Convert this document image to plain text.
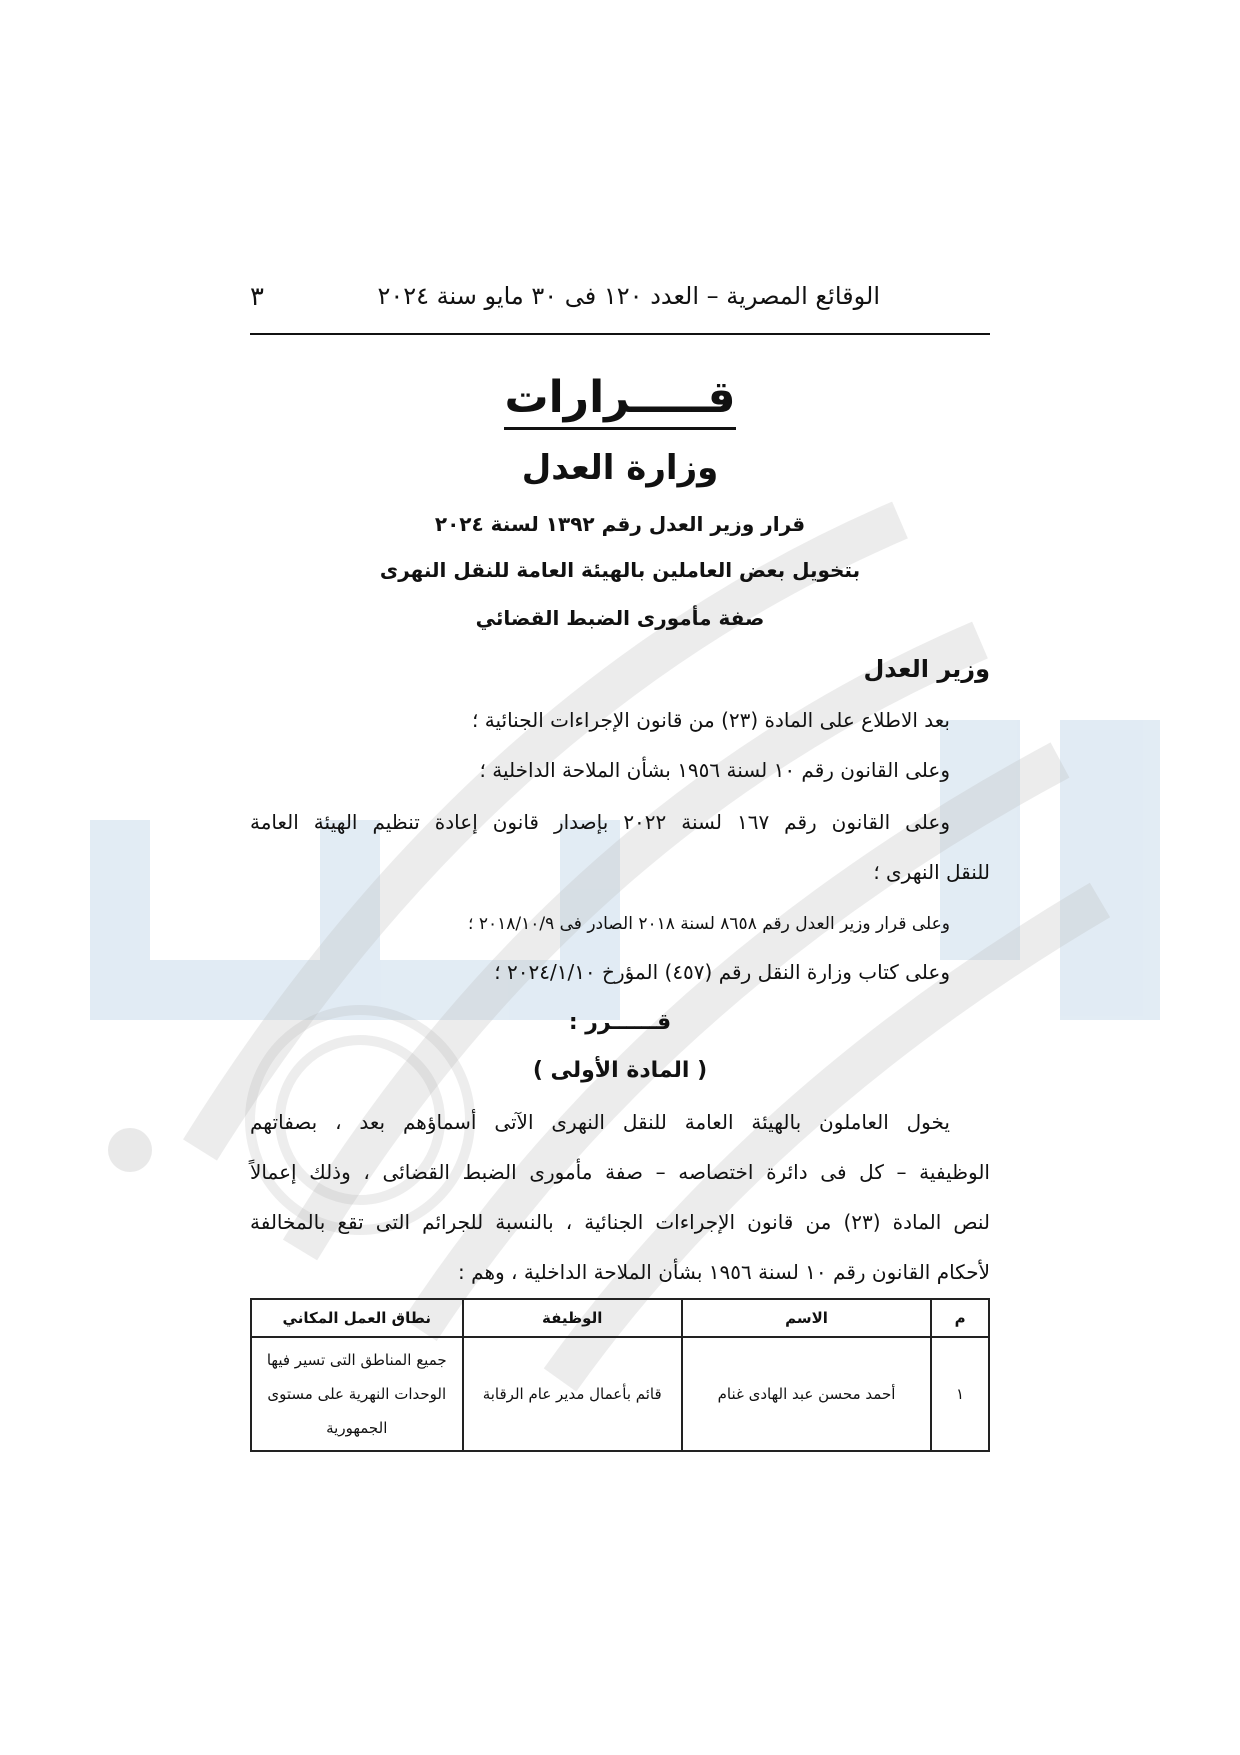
الوقائع المصرية – العدد ١٢٠ فى ٣٠ مايو سنة ٢٠٢٤
٣
قـــــرارات
وزارة العدل
قرار وزير العدل رقم ١٣٩٢ لسنة ٢٠٢٤
بتخويل بعض العاملين بالهيئة العامة للنقل النهرى
صفة مأمورى الضبط القضائي
وزير العدل
بعد الاطلاع على المادة (٢٣) من قانون الإجراءات الجنائية ؛
وعلى القانون رقم ١٠ لسنة ١٩٥٦ بشأن الملاحة الداخلية ؛
وعلى القانون رقم ١٦٧ لسنة ٢٠٢٢ بإصدار قانون إعادة تنظيم الهيئة العامة
للنقل النهرى ؛
وعلى قرار وزير العدل رقم ٨٦٥٨ لسنة ٢٠١٨ الصادر فى ٢٠١٨/١٠/٩ ؛
وعلى كتاب وزارة النقل رقم (٤٥٧) المؤرخ ٢٠٢٤/١/١٠ ؛
قــــــرر :
( المادة الأولى )
يخول العاملون بالهيئة العامة للنقل النهرى الآتى أسماؤهم بعد ، بصفاتهم
الوظيفية – كل فى دائرة اختصاصه – صفة مأمورى الضبط القضائى ، وذلك إعمالاً
لنص المادة (٢٣) من قانون الإجراءات الجنائية ، بالنسبة للجرائم التى تقع بالمخالفة
لأحكام القانون رقم ١٠ لسنة ١٩٥٦ بشأن الملاحة الداخلية ، وهم :
م	الاسم	الوظيفة	نطاق العمل المكاني
١	أحمد محسن عبد الهادى غنام	قائم بأعمال مدير عام الرقابة	جميع المناطق التى تسير فيها الوحدات النهرية على مستوى الجمهورية
